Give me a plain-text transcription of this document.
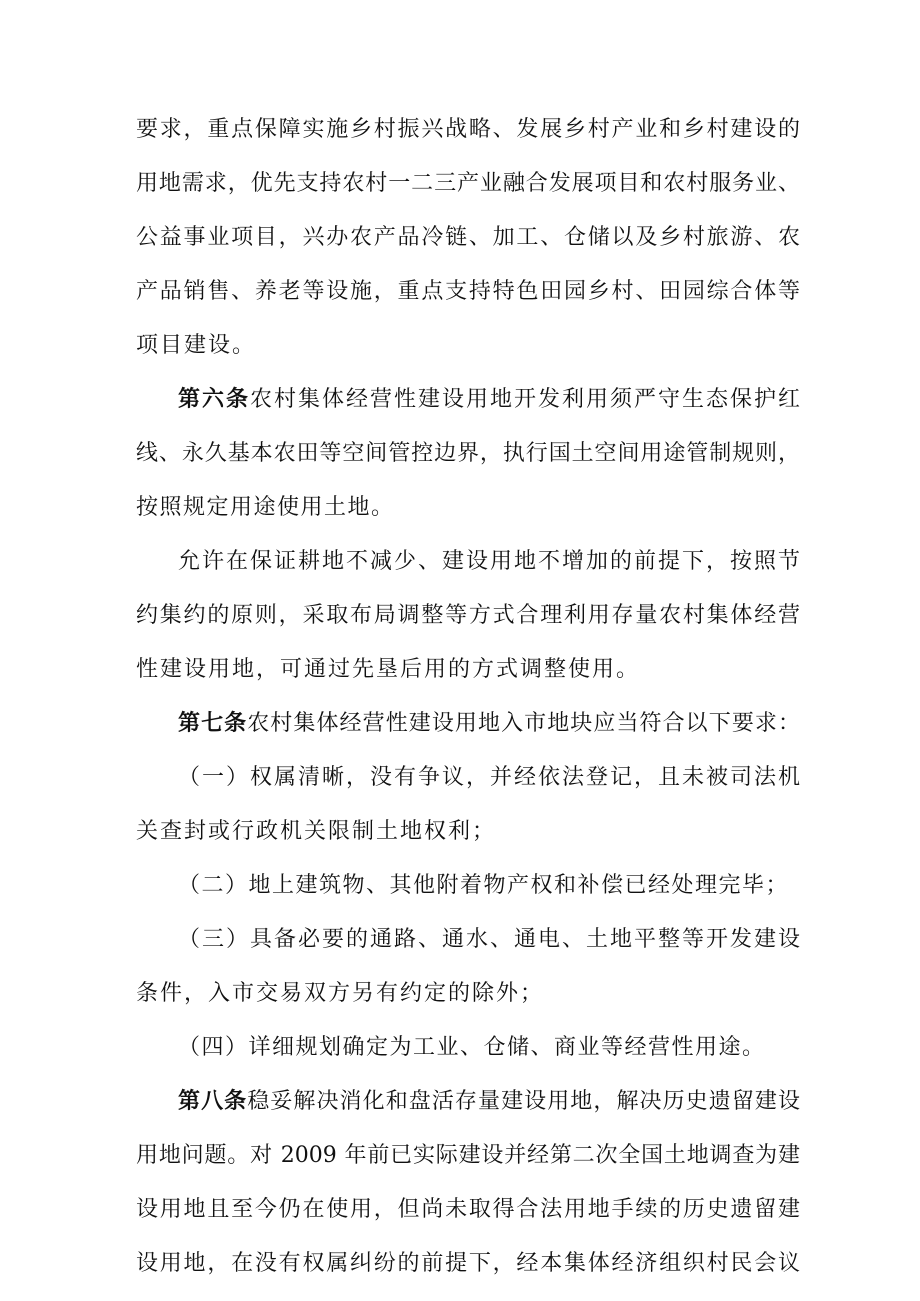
要求，重点保障实施乡村振兴战略、发展乡村产业和乡村建设的
用地需求，优先支持农村一二三产业融合发展项目和农村服务业、
公益事业项目，兴办农产品冷链、加工、仓储以及乡村旅游、农
产品销售、养老等设施，重点支持特色田园乡村、田园综合体等
项目建设。
第六条农村集体经营性建设用地开发利用须严守生态保护红
线、永久基本农田等空间管控边界，执行国土空间用途管制规则，
按照规定用途使用土地。
允许在保证耕地不减少、建设用地不增加的前提下，按照节
约集约的原则，采取布局调整等方式合理利用存量农村集体经营
性建设用地，可通过先垦后用的方式调整使用。
第七条农村集体经营性建设用地入市地块应当符合以下要求：
（一）权属清晰，没有争议，并经依法登记，且未被司法机
关查封或行政机关限制土地权利；
（二）地上建筑物、其他附着物产权和补偿已经处理完毕；
（三）具备必要的通路、通水、通电、土地平整等开发建设
条件，入市交易双方另有约定的除外；
（四）详细规划确定为工业、仓储、商业等经营性用途。
第八条稳妥解决消化和盘活存量建设用地，解决历史遗留建设
用地问题。对 2009 年前已实际建设并经第二次全国土地调查为建
设用地且至今仍在使用，但尚未取得合法用地手续的历史遗留建
设用地，在没有权属纠纷的前提下，经本集体经济组织村民会议
